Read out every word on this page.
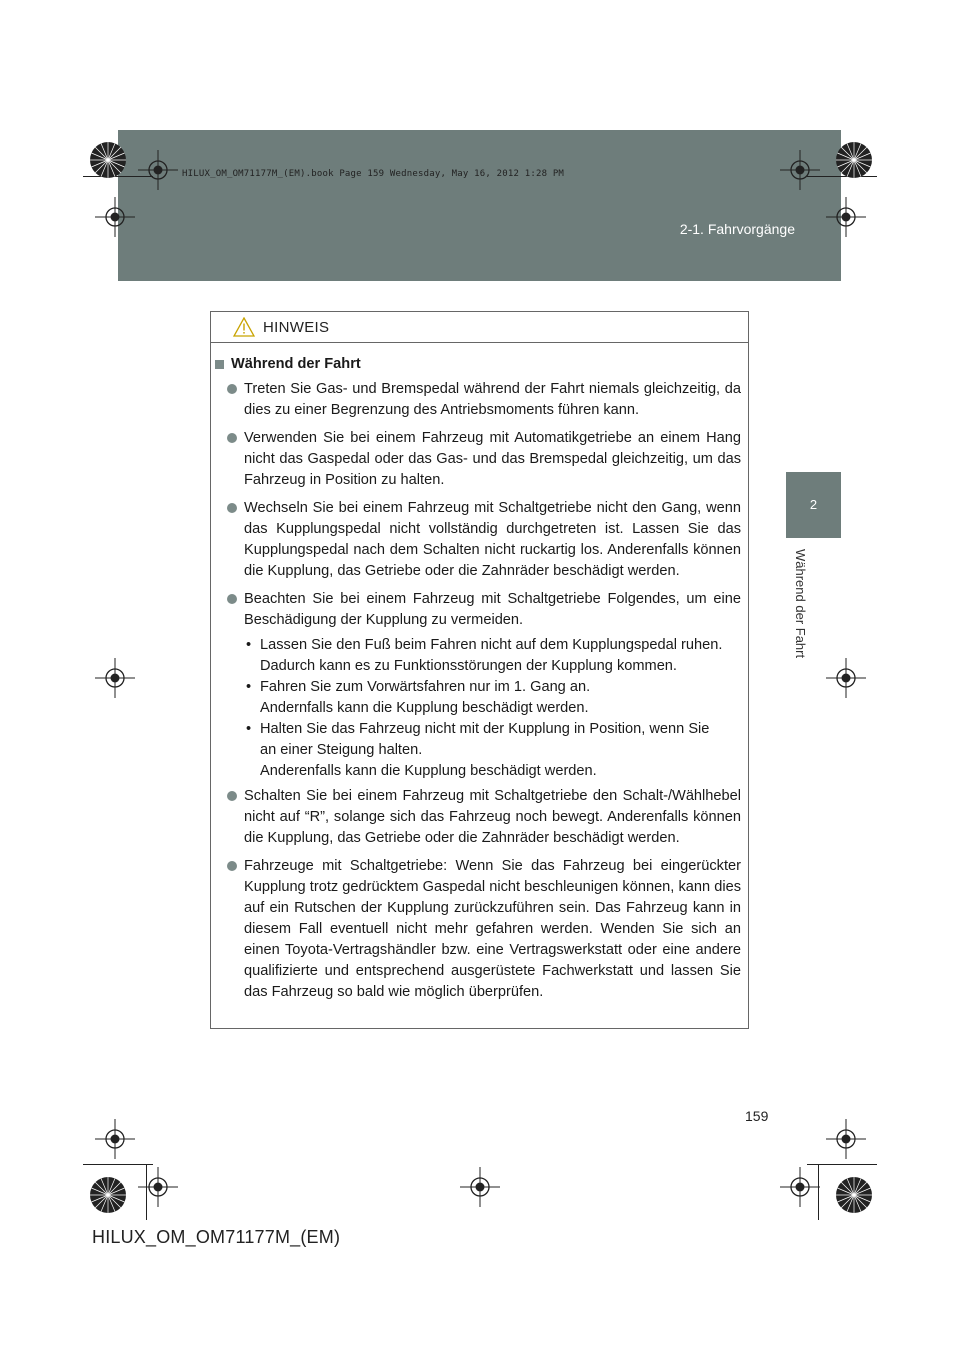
HILUX_OM_OM71177M_(EM).book Page 159 Wednesday, May 16, 2012 1:28 PM
2-1. Fahrvorgänge
2
Während der Fahrt
HINWEIS
Während der Fahrt

Treten Sie Gas- und Bremspedal während der Fahrt niemals gleichzeitig, da dies zu einer Begrenzung des Antriebsmoments führen kann.

Verwenden Sie bei einem Fahrzeug mit Automatikgetriebe an einem Hang nicht das Gaspedal oder das Gas- und das Bremspedal gleichzeitig, um das Fahrzeug in Position zu halten.

Wechseln Sie bei einem Fahrzeug mit Schaltgetriebe nicht den Gang, wenn das Kupplungspedal nicht vollständig durchgetreten ist. Lassen Sie das Kupplungspedal nach dem Schalten nicht ruckartig los. Anderenfalls können die Kupplung, das Getriebe oder die Zahnräder beschädigt werden.

Beachten Sie bei einem Fahrzeug mit Schaltgetriebe Folgendes, um eine Beschädigung der Kupplung zu vermeiden.

• Lassen Sie den Fuß beim Fahren nicht auf dem Kupplungspedal ruhen.
Dadurch kann es zu Funktionsstörungen der Kupplung kommen.

• Fahren Sie zum Vorwärtsfahren nur im 1. Gang an.
Andernfalls kann die Kupplung beschädigt werden.

• Halten Sie das Fahrzeug nicht mit der Kupplung in Position, wenn Sie an einer Steigung halten.
Anderenfalls kann die Kupplung beschädigt werden.

Schalten Sie bei einem Fahrzeug mit Schaltgetriebe den Schalt-/Wählhebel nicht auf “R”, solange sich das Fahrzeug noch bewegt. Anderenfalls können die Kupplung, das Getriebe oder die Zahnräder beschädigt werden.

Fahrzeuge mit Schaltgetriebe: Wenn Sie das Fahrzeug bei eingerückter Kupplung trotz gedrücktem Gaspedal nicht beschleunigen können, kann dies auf ein Rutschen der Kupplung zurückzuführen sein. Das Fahrzeug kann in diesem Fall eventuell nicht mehr gefahren werden. Wenden Sie sich an einen Toyota-Vertragshändler bzw. eine Vertragswerkstatt oder eine andere qualifizierte und entsprechend ausgerüstete Fachwerkstatt und lassen Sie das Fahrzeug so bald wie möglich überprüfen.

159
HILUX_OM_OM71177M_(EM)
